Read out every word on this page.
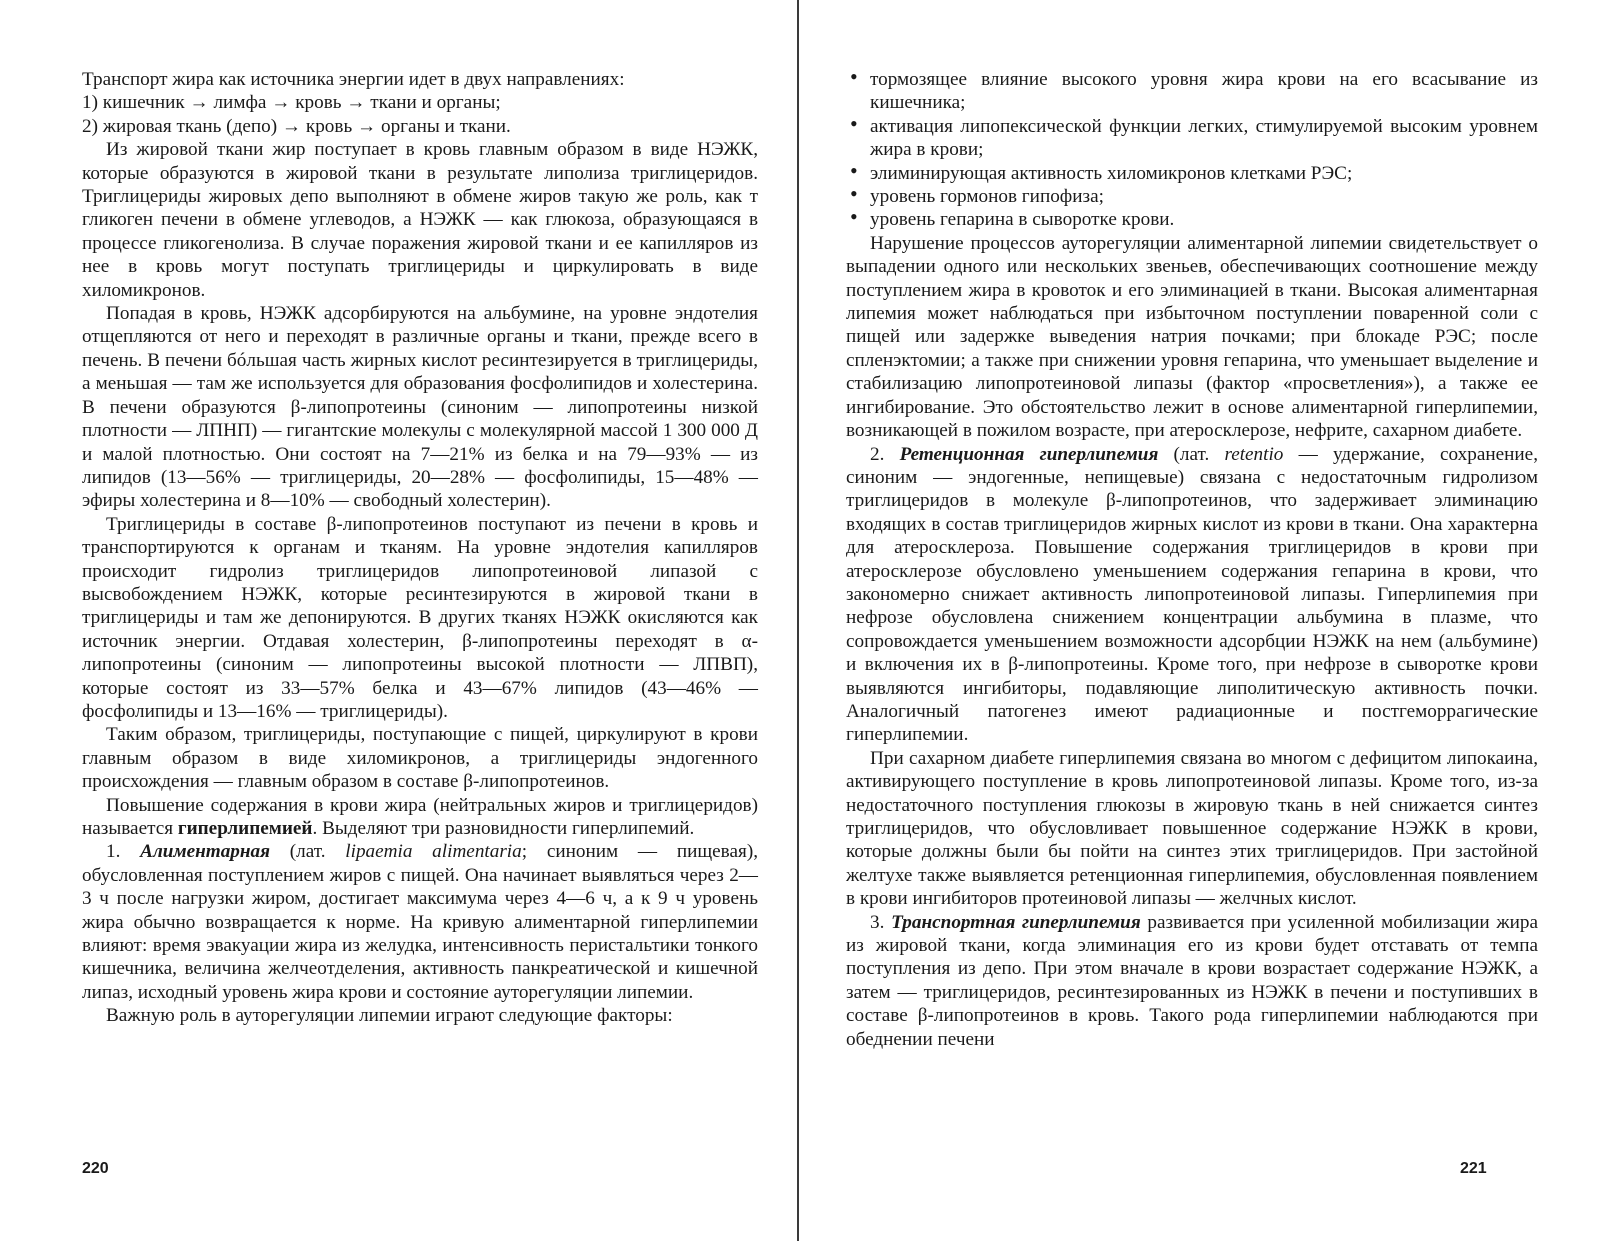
Транспорт жира как источника энергии идет в двух направлениях:

1) кишечник → лимфа → кровь → ткани и органы;

2) жировая ткань (депо) → кровь → органы и ткани.

Из жировой ткани жир поступает в кровь главным образом в виде НЭЖК, которые образуются в жировой ткани в результате липолиза триглицеридов. Триглицериды жировых депо выполняют в обмене жиров такую же роль, как т гликоген печени в обмене углеводов, а НЭЖК — как глюкоза, образующаяся в процессе гликогенолиза. В случае поражения жировой ткани и ее капилляров из нее в кровь могут поступать триглицериды и циркулировать в виде хиломикронов.

Попадая в кровь, НЭЖК адсорбируются на альбумине, на уровне эндотелия отщепляются от него и переходят в различные органы и ткани, прежде всего в печень. В печени бóльшая часть жирных кислот ресинтезируется в триглицериды, а меньшая — там же используется для образования фосфолипидов и холестерина. В печени образуются β-липопротеины (синоним — липопротеины низкой плотности — ЛПНП) — гигантские молекулы с молекулярной массой 1 300 000 Д и малой плотностью. Они состоят на 7—21% из белка и на 79—93% — из липидов (13—56% — триглицериды, 20—28% — фосфолипиды, 15—48% — эфиры холестерина и 8—10% — свободный холестерин).

Триглицериды в составе β-липопротеинов поступают из печени в кровь и транспортируются к органам и тканям. На уровне эндотелия капилляров происходит гидролиз триглицеридов липопротеиновой липазой с высвобождением НЭЖК, которые ресинтезируются в жировой ткани в триглицериды и там же депонируются. В других тканях НЭЖК окисляются как источник энергии. Отдавая холестерин, β-липопротеины переходят в α-липопротеины (синоним — липопротеины высокой плотности — ЛПВП), которые состоят из 33—57% белка и 43—67% липидов (43—46% — фосфолипиды и 13—16% — триглицериды).

Таким образом, триглицериды, поступающие с пищей, циркулируют в крови главным образом в виде хиломикронов, а триглицериды эндогенного происхождения — главным образом в составе β-липопротеинов.

Повышение содержания в крови жира (нейтральных жиров и триглицеридов) называется гиперлипемией. Выделяют три разновидности гиперлипемий.

1. Алиментарная (лат. lipaemia alimentaria; синоним — пищевая), обусловленная поступлением жиров с пищей. Она начинает выявляться через 2—3 ч после нагрузки жиром, достигает максимума через 4—6 ч, а к 9 ч уровень жира обычно возвращается к норме. На кривую алиментарной гиперлипемии влияют: время эвакуации жира из желудка, интенсивность перистальтики тонкого кишечника, величина желчеотделения, активность панкреатической и кишечной липаз, исходный уровень жира крови и состояние ауторегуляции липемии.

Важную роль в ауторегуляции липемии играют следующие факторы:

220
• тормозящее влияние высокого уровня жира крови на его всасывание из кишечника;
• активация липопексической функции легких, стимулируемой высоким уровнем жира в крови;
• элиминирующая активность хиломикронов клетками РЭС;
• уровень гормонов гипофиза;
• уровень гепарина в сыворотке крови.

Нарушение процессов ауторегуляции алиментарной липемии свидетельствует о выпадении одного или нескольких звеньев, обеспечивающих соотношение между поступлением жира в кровоток и его элиминацией в ткани. Высокая алиментарная липемия может наблюдаться при избыточном поступлении поваренной соли с пищей или задержке выведения натрия почками; при блокаде РЭС; после спленэктомии; а также при снижении уровня гепарина, что уменьшает выделение и стабилизацию липопротеиновой липазы (фактор «просветления»), а также ее ингибирование. Это обстоятельство лежит в основе алиментарной гиперлипемии, возникающей в пожилом возрасте, при атеросклерозе, нефрите, сахарном диабете.

2. Ретенционная гиперлипемия (лат. retentio — удержание, сохранение, синоним — эндогенные, непищевые) связана с недостаточным гидролизом триглицеридов в молекуле β-липопротеинов, что задерживает элиминацию входящих в состав триглицеридов жирных кислот из крови в ткани. Она характерна для атеросклероза. Повышение содержания триглицеридов в крови при атеросклерозе обусловлено уменьшением содержания гепарина в крови, что закономерно снижает активность липопротеиновой липазы. Гиперлипемия при нефрозе обусловлена снижением концентрации альбумина в плазме, что сопровождается уменьшением возможности адсорбции НЭЖК на нем (альбумине) и включения их в β-липопротеины. Кроме того, при нефрозе в сыворотке крови выявляются ингибиторы, подавляющие липолитическую активность почки. Аналогичный патогенез имеют радиационные и постгеморрагические гиперлипемии.

При сахарном диабете гиперлипемия связана во многом с дефицитом липокаина, активирующего поступление в кровь липопротеиновой липазы. Кроме того, из-за недостаточного поступления глюкозы в жировую ткань в ней снижается синтез триглицеридов, что обусловливает повышенное содержание НЭЖК в крови, которые должны были бы пойти на синтез этих триглицеридов. При застойной желтухе также выявляется ретенционная гиперлипемия, обусловленная появлением в крови ингибиторов протеиновой липазы — желчных кислот.

3. Транспортная гиперлипемия развивается при усиленной мобилизации жира из жировой ткани, когда элиминация его из крови будет отставать от темпа поступления из депо. При этом вначале в крови возрастает содержание НЭЖК, а затем — триглицеридов, ресинтезированных из НЭЖК в печени и поступивших в составе β-липопротеинов в кровь. Такого рода гиперлипемии наблюдаются при обеднении печени

221
